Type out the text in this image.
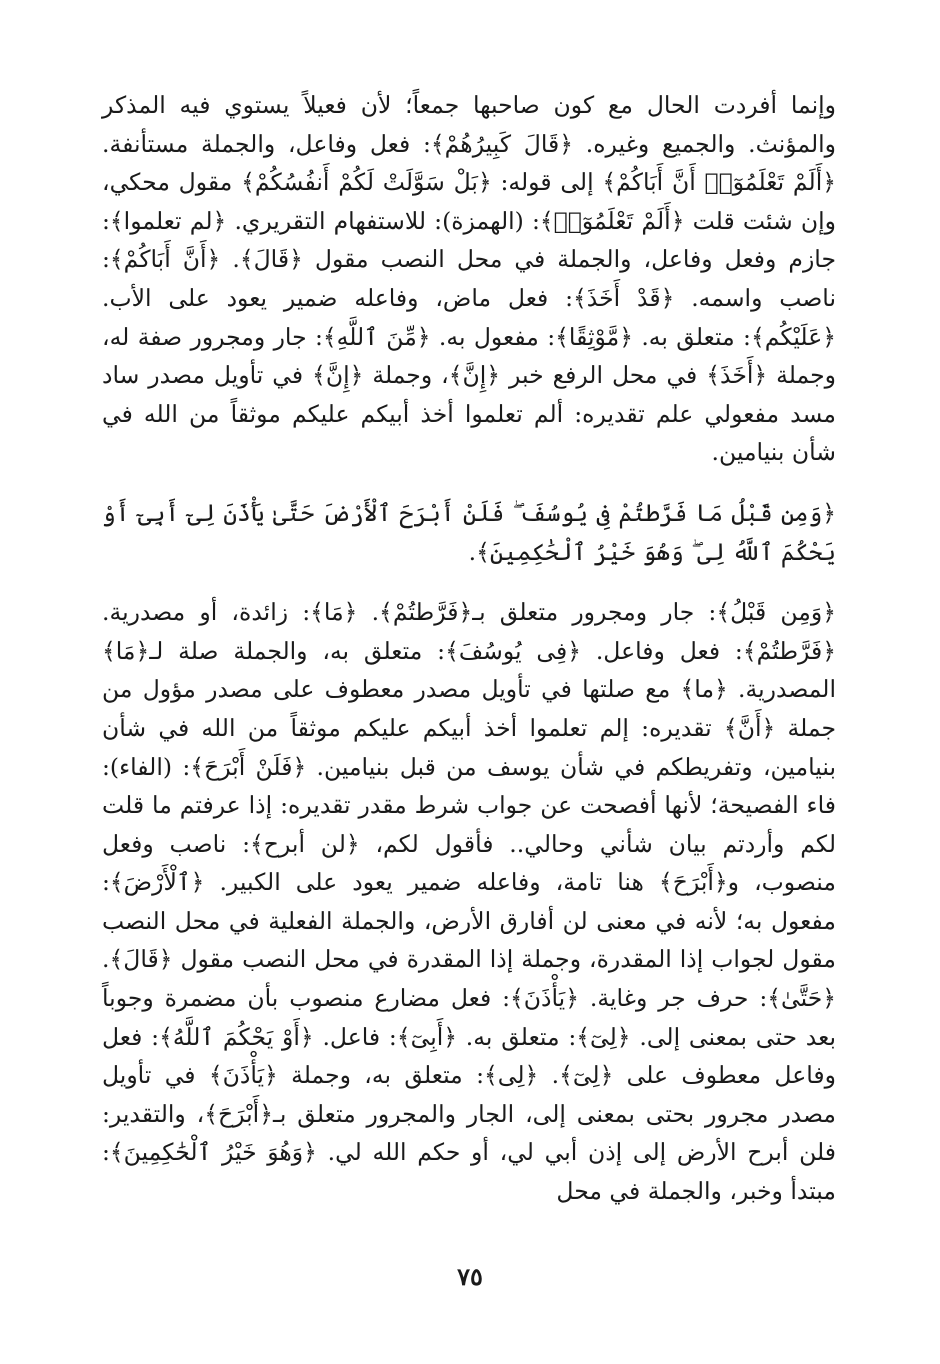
وإنما أفردت الحال مع كون صاحبها جمعاً؛ لأن فعيلاً يستوي فيه المذكر والمؤنث. والجميع وغيره. ﴿قَالَ كَبِيرُهُمْ﴾: فعل وفاعل، والجملة مستأنفة. ﴿أَلَمْ تَعْلَمُوٓا۟ أَنَّ أَبَاكُمْ﴾ إلى قوله: ﴿بَلْ سَوَّلَتْ لَكُمْ أَنفُسُكُمْ﴾ مقول محكي، وإن شئت قلت ﴿أَلَمْ تَعْلَمُوٓا۟﴾: (الهمزة): للاستفهام التقريري. ﴿لم تعلموا﴾: جازم وفعل وفاعل، والجملة في محل النصب مقول ﴿قَالَ﴾. ﴿أَنَّ أَبَاكُمْ﴾: ناصب واسمه. ﴿قَدْ أَخَذَ﴾: فعل ماض، وفاعله ضمير يعود على الأب. ﴿عَلَيْكُم﴾: متعلق به. ﴿مَّوْثِقًا﴾: مفعول به. ﴿مِّنَ ٱللَّهِ﴾: جار ومجرور صفة له، وجملة ﴿أَخَذَ﴾ في محل الرفع خبر ﴿إِنَّ﴾، وجملة ﴿إِنَّ﴾ في تأويل مصدر ساد مسد مفعولي علم تقديره: ألم تعلموا أخذ أبيكم عليكم موثقاً من الله في شأن بنيامين.

﴿وَمِن قَبْلُ مَا فَرَّطتُمْ فِى يُوسُفَ ۖ فَلَنْ أَبْرَحَ ٱلْأَرْضَ حَتَّىٰ يَأْذَنَ لِىٓ أَبِىٓ أَوْ يَحْكُمَ ٱللَّهُ لِى ۖ وَهُوَ خَيْرُ ٱلْحَٰكِمِينَ﴾.

﴿وَمِن قَبْلُ﴾: جار ومجرور متعلق بـ﴿فَرَّطتُمْ﴾. ﴿مَا﴾: زائدة، أو مصدرية. ﴿فَرَّطتُمْ﴾: فعل وفاعل. ﴿فِى يُوسُفَ﴾: متعلق به، والجملة صلة لـ﴿مَا﴾ المصدرية. ﴿ما﴾ مع صلتها في تأويل مصدر معطوف على مصدر مؤول من جملة ﴿أَنَّ﴾ تقديره: إلم تعلموا أخذ أبيكم عليكم موثقاً من الله في شأن بنيامين، وتفريطكم في شأن يوسف من قبل بنيامين. ﴿فَلَنْ أَبْرَحَ﴾: (الفاء): فاء الفصيحة؛ لأنها أفصحت عن جواب شرط مقدر تقديره: إذا عرفتم ما قلت لكم وأردتم بيان شأني وحالي.. فأقول لكم، ﴿لن أبرح﴾: ناصب وفعل منصوب، و﴿أَبْرَحَ﴾ هنا تامة، وفاعله ضمير يعود على الكبير. ﴿ٱلْأَرْضَ﴾: مفعول به؛ لأنه في معنى لن أفارق الأرض، والجملة الفعلية في محل النصب مقول لجواب إذا المقدرة، وجملة إذا المقدرة في محل النصب مقول ﴿قَالَ﴾. ﴿حَتَّىٰ﴾: حرف جر وغاية. ﴿يَأْذَنَ﴾: فعل مضارع منصوب بأن مضمرة وجوباً بعد حتى بمعنى إلى. ﴿لِىٓ﴾: متعلق به. ﴿أَبِىٓ﴾: فاعل. ﴿أَوْ يَحْكُمَ ٱللَّهُ﴾: فعل وفاعل معطوف على ﴿لِىٓ﴾. ﴿لِى﴾: متعلق به، وجملة ﴿يَأْذَنَ﴾ في تأويل مصدر مجرور بحتى بمعنى إلى، الجار والمجرور متعلق بـ﴿أَبْرَحَ﴾، والتقدير: فلن أبرح الأرض إلى إذن أبي لي، أو حكم الله لي. ﴿وَهُوَ خَيْرُ ٱلْحَٰكِمِينَ﴾: مبتدأ وخبر، والجملة في محل

٧٥
